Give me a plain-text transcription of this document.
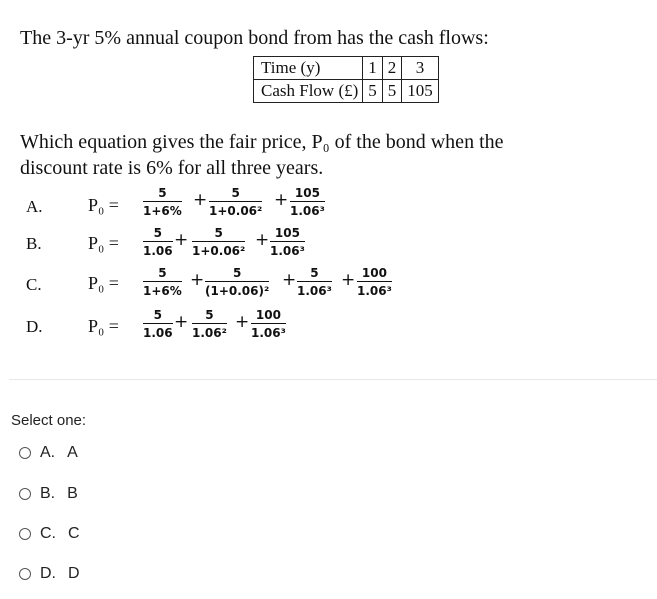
The 3-yr 5% annual coupon bond from has the cash flows:
Time (y)	1	2	3
Cash Flow (£)	5	5	105
Which equation gives the fair price, P₀ of the bond when the
discount rate is 6% for all three years.
A.	P₀ =
5
1+6%
+ 5
1+0.06²
+ 105
1.06³
B.	P₀ =	5
1.06
+ 5
1+0.06²
+ 105
1.06³
C.	P₀ =	5
1+6%
+ 5
(1+0.06)²
+ 5
1.06³
+ 100
1.06³
D.	P₀ =
5
1.06
+ 5
1.06²
+ 100
1.06³
Select one:
A. A
B. B
C. C
D. D
